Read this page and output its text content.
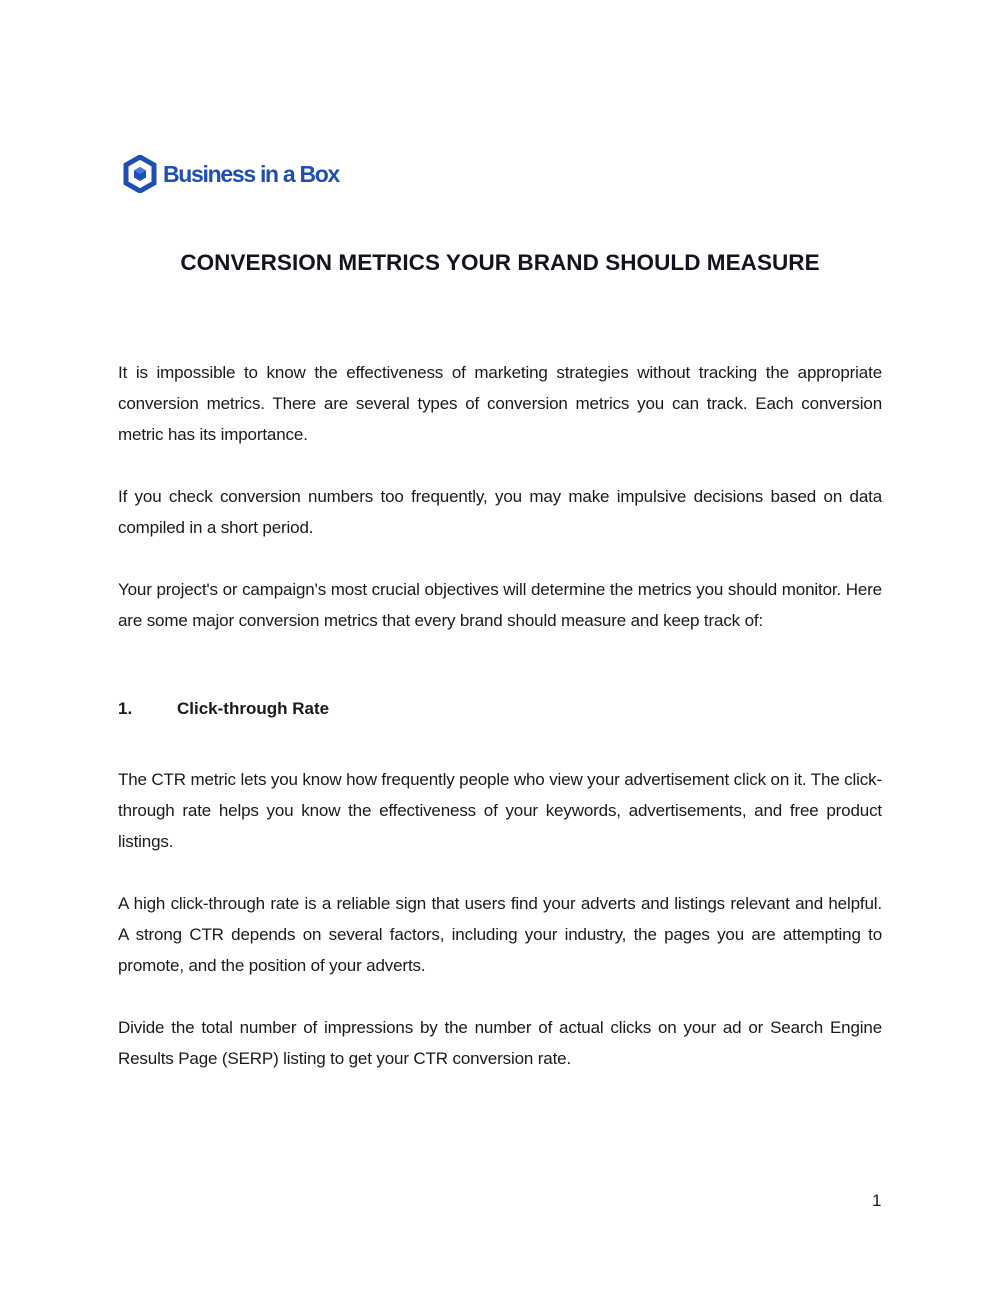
Business in a Box
CONVERSION METRICS YOUR BRAND SHOULD MEASURE

It is impossible to know the effectiveness of marketing strategies without tracking the appropriate conversion metrics. There are several types of conversion metrics you can track. Each conversion metric has its importance.

If you check conversion numbers too frequently, you may make impulsive decisions based on data compiled in a short period.

Your project's or campaign's most crucial objectives will determine the metrics you should monitor. Here are some major conversion metrics that every brand should measure and keep track of:

1.	Click-through Rate

The CTR metric lets you know how frequently people who view your advertisement click on it. The click-through rate helps you know the effectiveness of your keywords, advertisements, and free product listings.

A high click-through rate is a reliable sign that users find your adverts and listings relevant and helpful. A strong CTR depends on several factors, including your industry, the pages you are attempting to promote, and the position of your adverts.

Divide the total number of impressions by the number of actual clicks on your ad or Search Engine Results Page (SERP) listing to get your CTR conversion rate.

1
